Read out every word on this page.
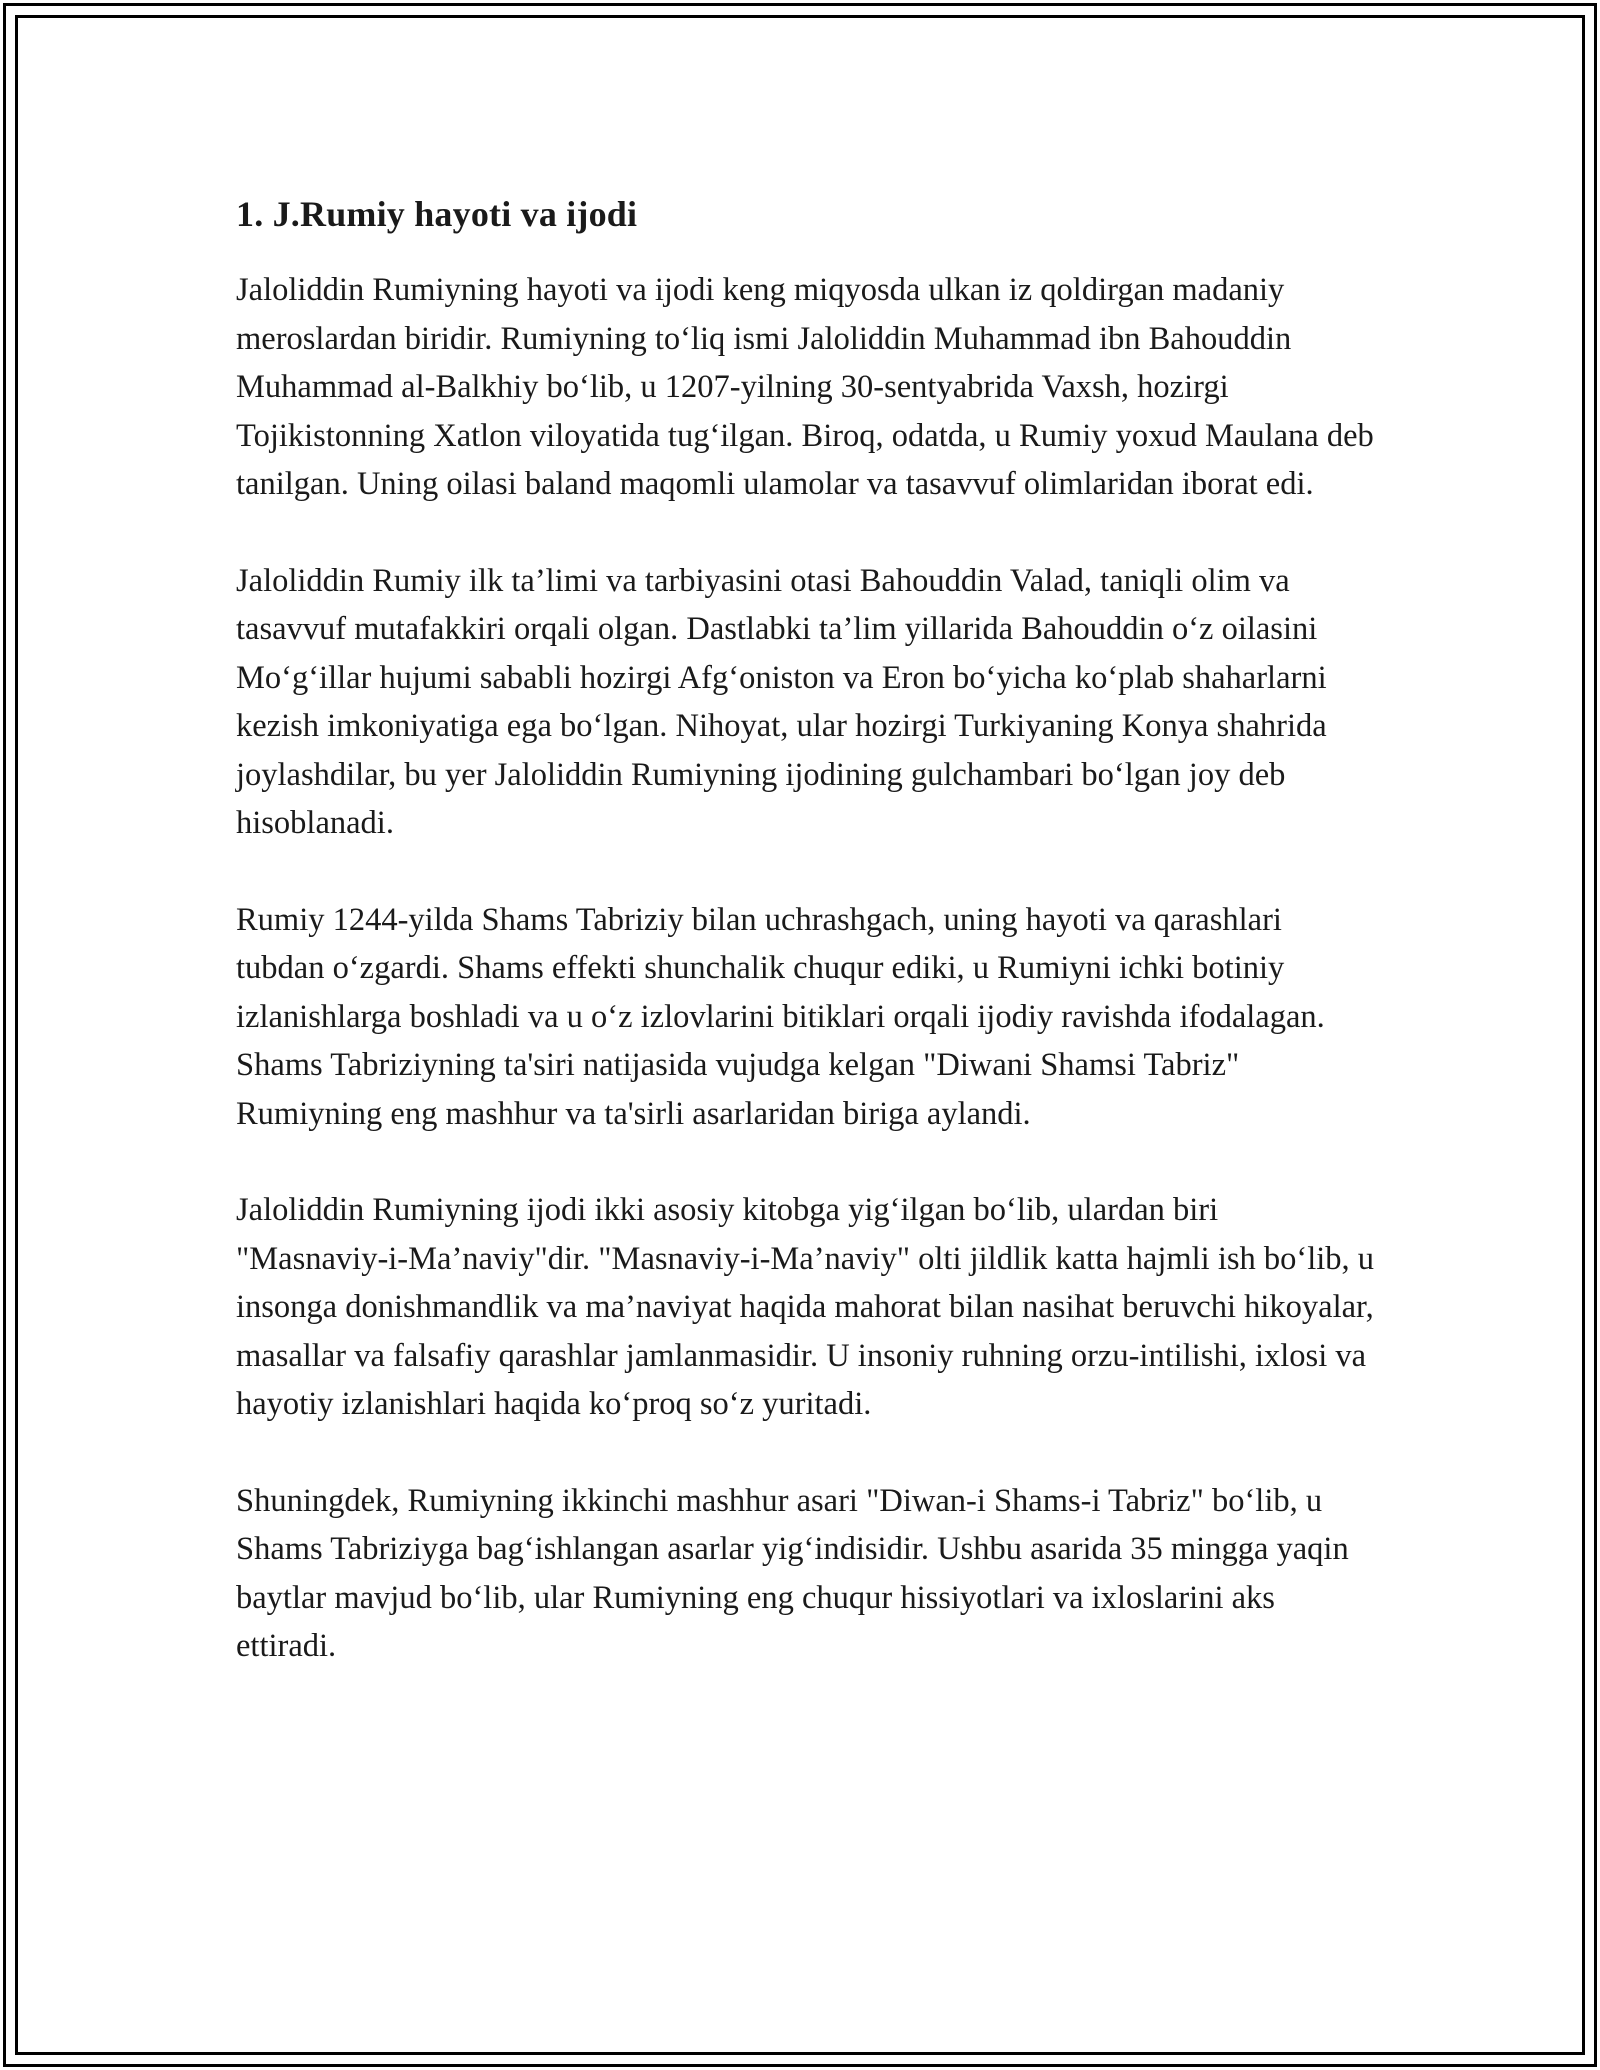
1. J.Rumiy hayoti va ijodi

Jaloliddin Rumiyning hayoti va ijodi keng miqyosda ulkan iz qoldirgan madaniy meroslardan biridir. Rumiyning to‘liq ismi Jaloliddin Muhammad ibn Bahouddin Muhammad al-Balkhiy bo‘lib, u 1207-yilning 30-sentyabrida Vaxsh, hozirgi Tojikistonning Xatlon viloyatida tug‘ilgan. Biroq, odatda, u Rumiy yoxud Maulana deb tanilgan. Uning oilasi baland maqomli ulamolar va tasavvuf olimlaridan iborat edi.

Jaloliddin Rumiy ilk ta’limi va tarbiyasini otasi Bahouddin Valad, taniqli olim va tasavvuf mutafakkiri orqali olgan. Dastlabki ta’lim yillarida Bahouddin o‘z oilasini Mo‘g‘illar hujumi sababli hozirgi Afg‘oniston va Eron bo‘yicha ko‘plab shaharlarni kezish imkoniyatiga ega bo‘lgan. Nihoyat, ular hozirgi Turkiyaning Konya shahrida joylashdilar, bu yer Jaloliddin Rumiyning ijodining gulchambari bo‘lgan joy deb hisoblanadi.

Rumiy 1244-yilda Shams Tabriziy bilan uchrashgach, uning hayoti va qarashlari tubdan o‘zgardi. Shams effekti shunchalik chuqur ediki, u Rumiyni ichki botiniy izlanishlarga boshladi va u o‘z izlovlarini bitiklari orqali ijodiy ravishda ifodalagan. Shams Tabriziyning ta'siri natijasida vujudga kelgan "Diwani Shamsi Tabriz" Rumiyning eng mashhur va ta'sirli asarlaridan biriga aylandi.

Jaloliddin Rumiyning ijodi ikki asosiy kitobga yig‘ilgan bo‘lib, ulardan biri "Masnaviy-i-Ma’naviy"dir. "Masnaviy-i-Ma’naviy" olti jildlik katta hajmli ish bo‘lib, u insonga donishmandlik va ma’naviyat haqida mahorat bilan nasihat beruvchi hikoyalar, masallar va falsafiy qarashlar jamlanmasidir. U insoniy ruhning orzu-intilishi, ixlosi va hayotiy izlanishlari haqida ko‘proq so‘z yuritadi.

Shuningdek, Rumiyning ikkinchi mashhur asari "Diwan-i Shams-i Tabriz" bo‘lib, u Shams Tabriziyga bag‘ishlangan asarlar yig‘indisidir. Ushbu asarida 35 mingga yaqin baytlar mavjud bo‘lib, ular Rumiyning eng chuqur hissiyotlari va ixloslarini aks ettiradi.
